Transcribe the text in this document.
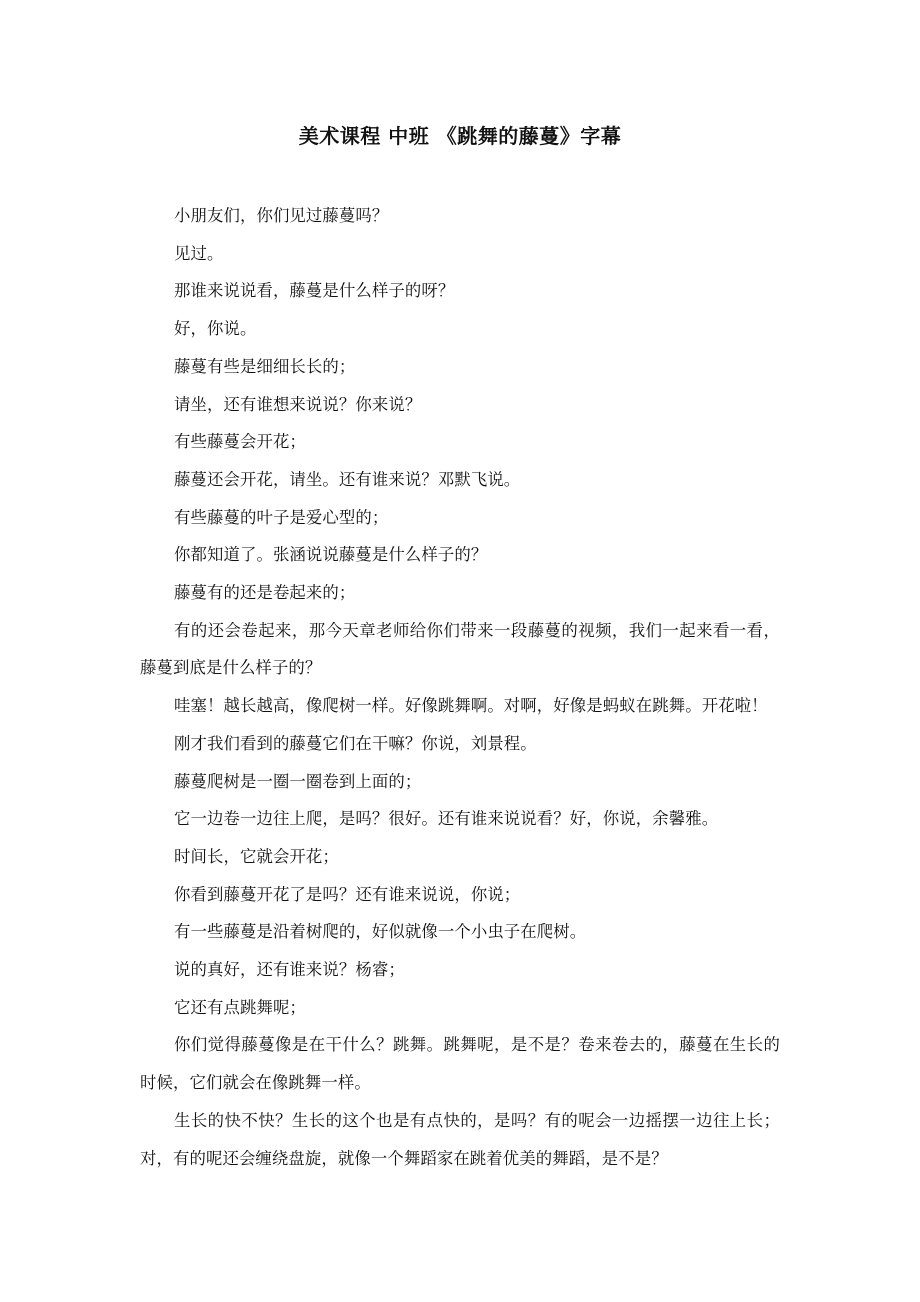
美术课程 中班 《跳舞的藤蔓》字幕

小朋友们，你们见过藤蔓吗？

见过。

那谁来说说看，藤蔓是什么样子的呀？

好，你说。

藤蔓有些是细细长长的；

请坐，还有谁想来说说？你来说？

有些藤蔓会开花；

藤蔓还会开花，请坐。还有谁来说？邓默飞说。

有些藤蔓的叶子是爱心型的；

你都知道了。张涵说说藤蔓是什么样子的？

藤蔓有的还是卷起来的；

有的还会卷起来，那今天章老师给你们带来一段藤蔓的视频，我们一起来看一看，藤蔓到底是什么样子的？

哇塞！越长越高，像爬树一样。好像跳舞啊。对啊，好像是蚂蚁在跳舞。开花啦！

刚才我们看到的藤蔓它们在干嘛？你说，刘景程。

藤蔓爬树是一圈一圈卷到上面的；

它一边卷一边往上爬，是吗？很好。还有谁来说说看？好，你说，余馨雅。

时间长，它就会开花；

你看到藤蔓开花了是吗？还有谁来说说，你说；

有一些藤蔓是沿着树爬的，好似就像一个小虫子在爬树。

说的真好，还有谁来说？杨睿；

它还有点跳舞呢；

你们觉得藤蔓像是在干什么？跳舞。跳舞呢，是不是？卷来卷去的，藤蔓在生长的时候，它们就会在像跳舞一样。

生长的快不快？生长的这个也是有点快的，是吗？有的呢会一边摇摆一边往上长；对，有的呢还会缠绕盘旋，就像一个舞蹈家在跳着优美的舞蹈，是不是？
